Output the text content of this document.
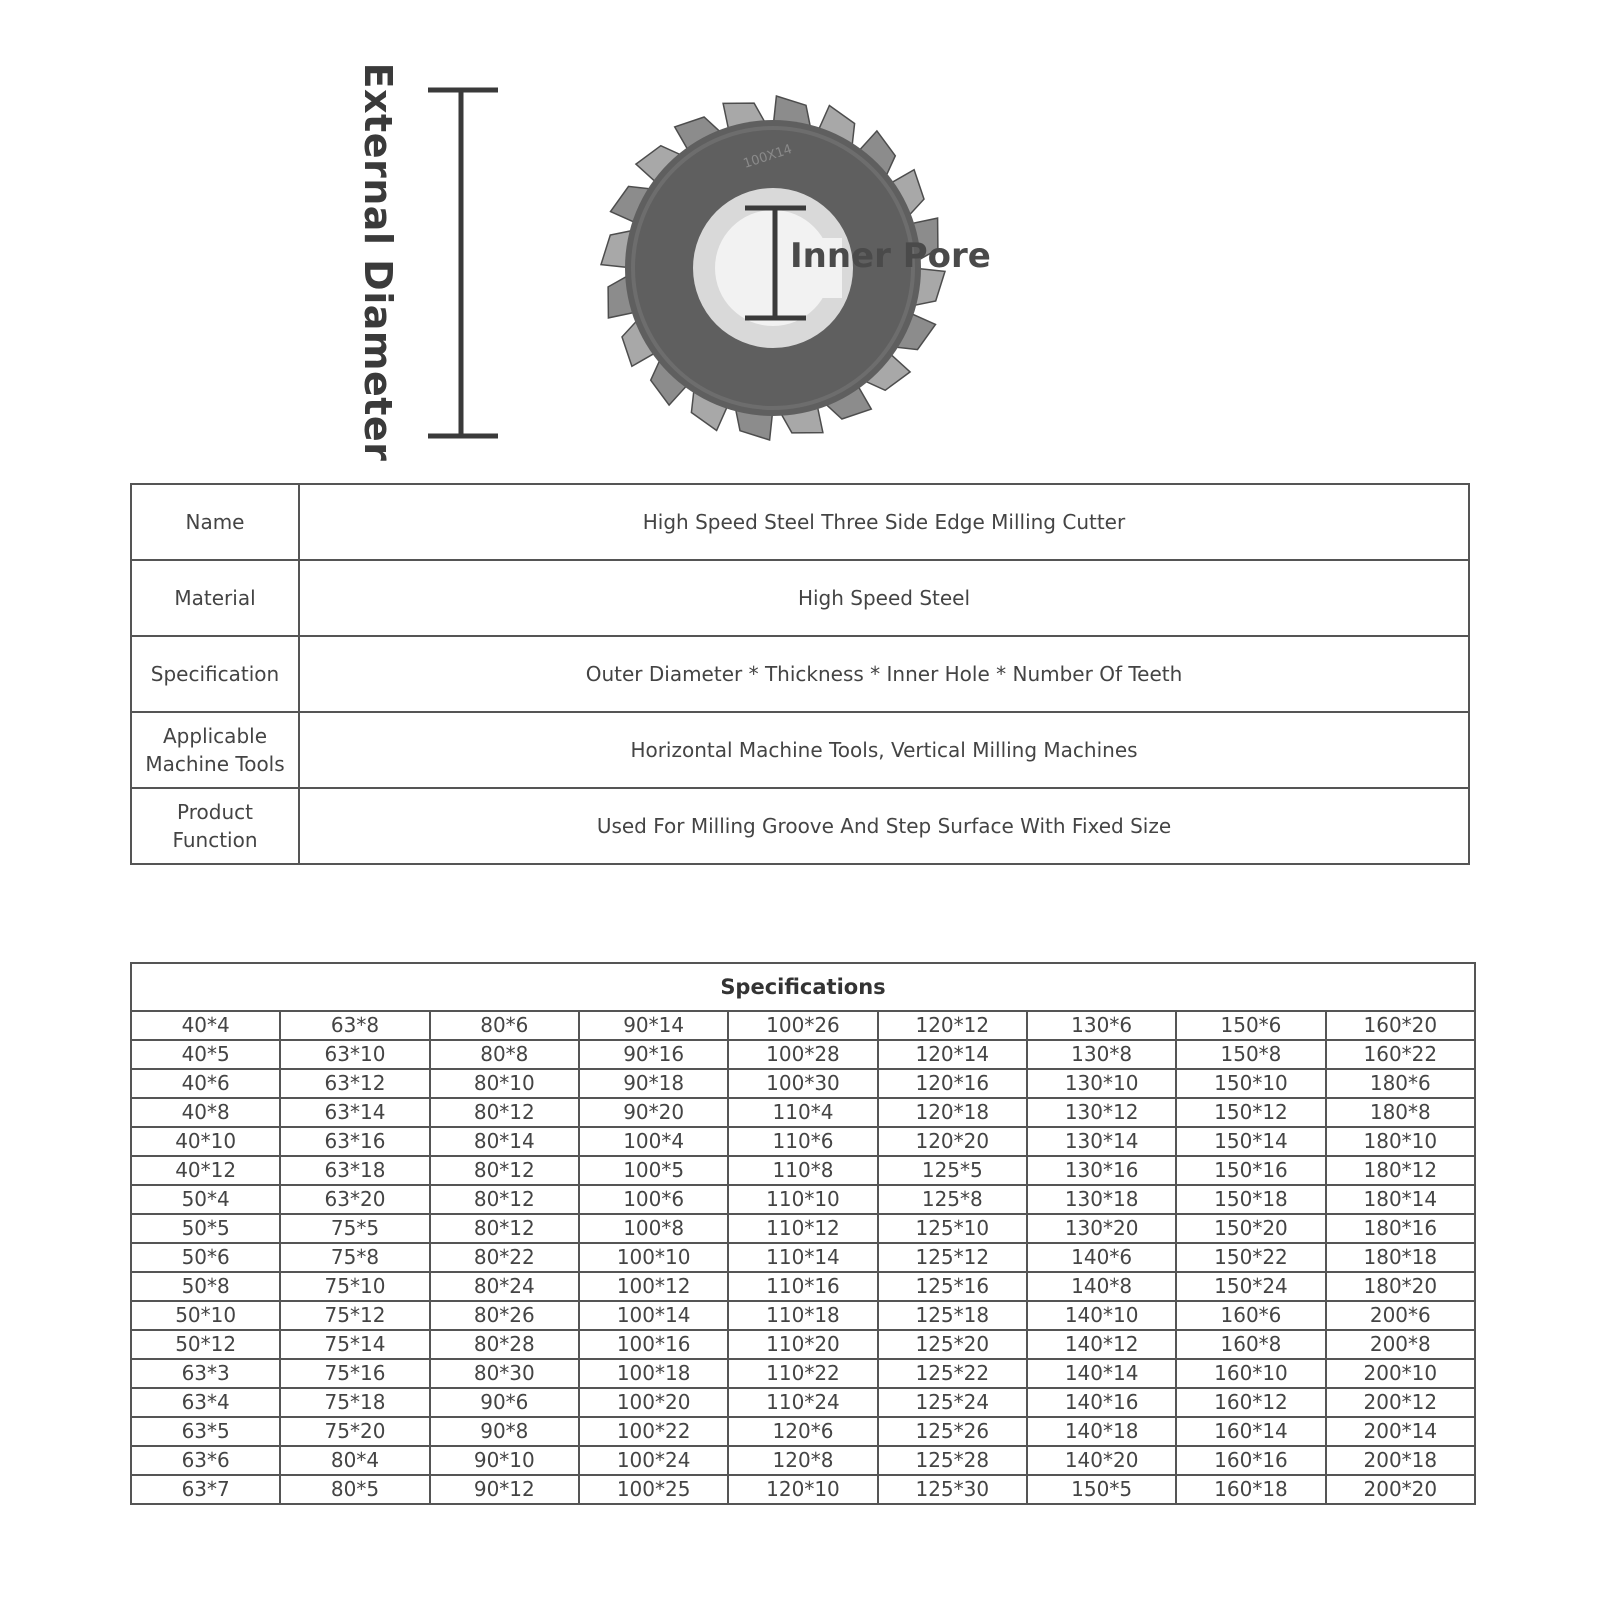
100X14
External Diameter	Inner Pore
Name	High Speed Steel Three Side Edge Milling Cutter
Material	High Speed Steel
Specification	Outer Diameter * Thickness * Inner Hole * Number Of Teeth
Applicable Machine Tools	Horizontal Machine Tools, Vertical Milling Machines
Product Function	Used For Milling Groove And Step Surface With Fixed Size
Specifications								
40*4	63*8	80*6	90*14	100*26	120*12	130*6	150*6	160*20
40*5	63*10	80*8	90*16	100*28	120*14	130*8	150*8	160*22
40*6	63*12	80*10	90*18	100*30	120*16	130*10	150*10	180*6
40*8	63*14	80*12	90*20	110*4	120*18	130*12	150*12	180*8
40*10	63*16	80*14	100*4	110*6	120*20	130*14	150*14	180*10
40*12	63*18	80*12	100*5	110*8	125*5	130*16	150*16	180*12
50*4	63*20	80*12	100*6	110*10	125*8	130*18	150*18	180*14
50*5	75*5	80*12	100*8	110*12	125*10	130*20	150*20	180*16
50*6	75*8	80*22	100*10	110*14	125*12	140*6	150*22	180*18
50*8	75*10	80*24	100*12	110*16	125*16	140*8	150*24	180*20
50*10	75*12	80*26	100*14	110*18	125*18	140*10	160*6	200*6
50*12	75*14	80*28	100*16	110*20	125*20	140*12	160*8	200*8
63*3	75*16	80*30	100*18	110*22	125*22	140*14	160*10	200*10
63*4	75*18	90*6	100*20	110*24	125*24	140*16	160*12	200*12
63*5	75*20	90*8	100*22	120*6	125*26	140*18	160*14	200*14
63*6	80*4	90*10	100*24	120*8	125*28	140*20	160*16	200*18
63*7	80*5	90*12	100*25	120*10	125*30	150*5	160*18	200*20
